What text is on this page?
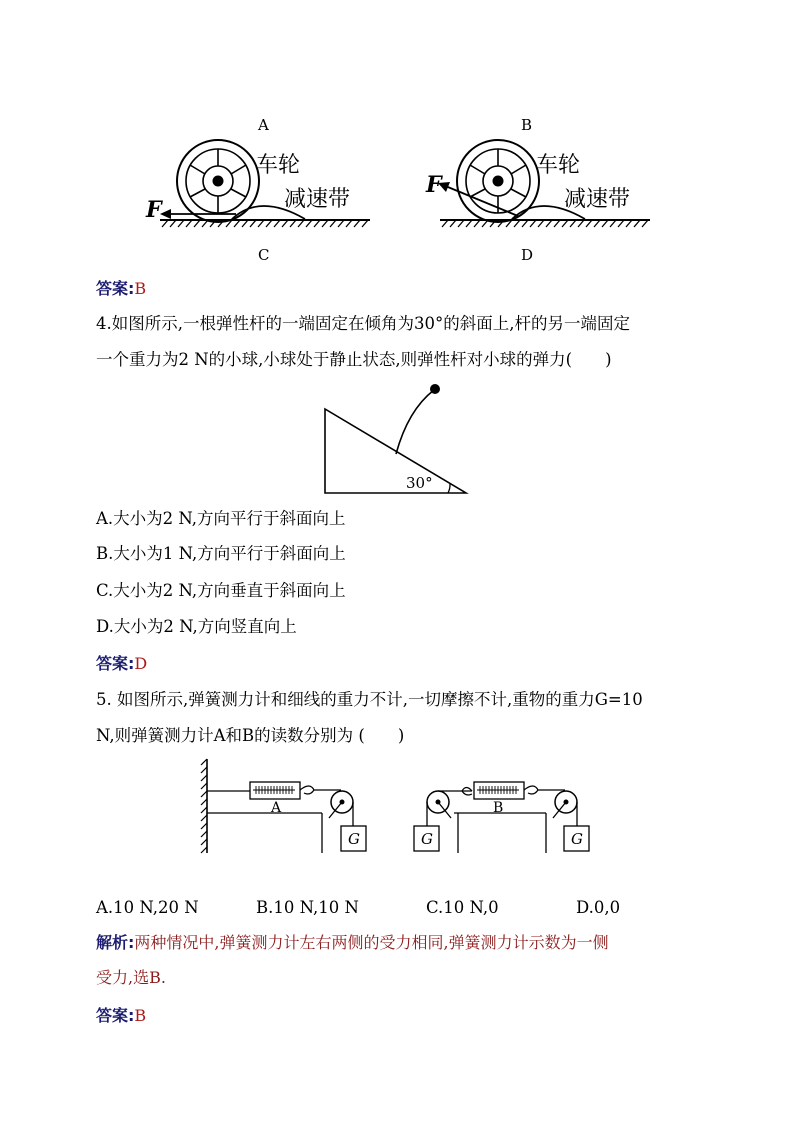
A	B
F
车轮
减速带
F
车轮
减速带
C	D
答案:B
4.如图所示,一根弹性杆的一端固定在倾角为30°的斜面上,杆的另一端固定
一个重力为2 N的小球,小球处于静止状态,则弹性杆对小球的弹力(　　)
30°
A.大小为2 N,方向平行于斜面向上
B.大小为1 N,方向平行于斜面向上
C.大小为2 N,方向垂直于斜面向上
D.大小为2 N,方向竖直向上
答案:D
5. 如图所示,弹簧测力计和细线的重力不计,一切摩擦不计,重物的重力G=10
N,则弹簧测力计A和B的读数分别为 (　　)
A
G	G
B
G
A.10 N,20 N	B.10 N,10 N	C.10 N,0	D.0,0
解析:两种情况中,弹簧测力计左右两侧的受力相同,弹簧测力计示数为一侧
受力,选B.
答案:B
